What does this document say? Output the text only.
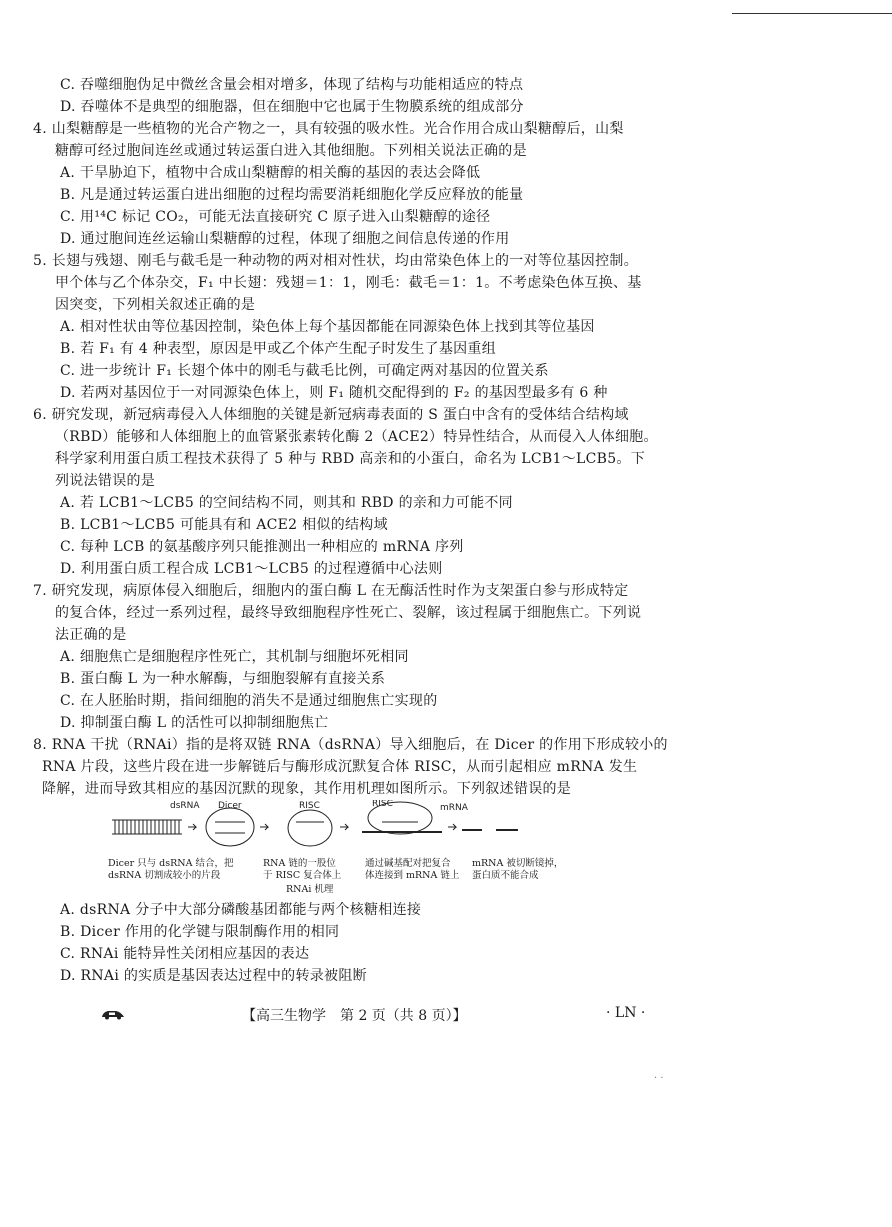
C. 吞噬细胞伪足中微丝含量会相对增多，体现了结构与功能相适应的特点
D. 吞噬体不是典型的细胞器，但在细胞中它也属于生物膜系统的组成部分
4. 山梨糖醇是一些植物的光合产物之一，具有较强的吸水性。光合作用合成山梨糖醇后，山梨
糖醇可经过胞间连丝或通过转运蛋白进入其他细胞。下列相关说法正确的是
A. 干旱胁迫下，植物中合成山梨糖醇的相关酶的基因的表达会降低
B. 凡是通过转运蛋白进出细胞的过程均需要消耗细胞化学反应释放的能量
C. 用¹⁴C 标记 CO₂，可能无法直接研究 C 原子进入山梨糖醇的途径
D. 通过胞间连丝运输山梨糖醇的过程，体现了细胞之间信息传递的作用
5. 长翅与残翅、刚毛与截毛是一种动物的两对相对性状，均由常染色体上的一对等位基因控制。
甲个体与乙个体杂交，F₁ 中长翅：残翅＝1：1，刚毛：截毛＝1：1。不考虑染色体互换、基
因突变，下列相关叙述正确的是
A. 相对性状由等位基因控制，染色体上每个基因都能在同源染色体上找到其等位基因
B. 若 F₁ 有 4 种表型，原因是甲或乙个体产生配子时发生了基因重组
C. 进一步统计 F₁ 长翅个体中的刚毛与截毛比例，可确定两对基因的位置关系
D. 若两对基因位于一对同源染色体上，则 F₁ 随机交配得到的 F₂ 的基因型最多有 6 种
6. 研究发现，新冠病毒侵入人体细胞的关键是新冠病毒表面的 S 蛋白中含有的受体结合结构域
（RBD）能够和人体细胞上的血管紧张素转化酶 2（ACE2）特异性结合，从而侵入人体细胞。
科学家利用蛋白质工程技术获得了 5 种与 RBD 高亲和的小蛋白，命名为 LCB1～LCB5。下
列说法错误的是
A. 若 LCB1～LCB5 的空间结构不同，则其和 RBD 的亲和力可能不同
B. LCB1～LCB5 可能具有和 ACE2 相似的结构域
C. 每种 LCB 的氨基酸序列只能推测出一种相应的 mRNA 序列
D. 利用蛋白质工程合成 LCB1～LCB5 的过程遵循中心法则
7. 研究发现，病原体侵入细胞后，细胞内的蛋白酶 L 在无酶活性时作为支架蛋白参与形成特定
的复合体，经过一系列过程，最终导致细胞程序性死亡、裂解，该过程属于细胞焦亡。下列说
法正确的是
A. 细胞焦亡是细胞程序性死亡，其机制与细胞坏死相同
B. 蛋白酶 L 为一种水解酶，与细胞裂解有直接关系
C. 在人胚胎时期，指间细胞的消失不是通过细胞焦亡实现的
D. 抑制蛋白酶 L 的活性可以抑制细胞焦亡
8. RNA 干扰（RNAi）指的是将双链 RNA（dsRNA）导入细胞后，在 Dicer 的作用下形成较小的
RNA 片段，这些片段在进一步解链后与酶形成沉默复合体 RISC，从而引起相应 mRNA 发生
降解，进而导致其相应的基因沉默的现象，其作用机理如图所示。下列叙述错误的是
dsRNA Dicer	RISC	RISC	mRNA
Dicer 只与 dsRNA 结合，把
dsRNA 切割成较小的片段
RNA 链的一股位
于 RISC 复合体上
通过碱基配对把复合
体连接到 mRNA 链上
mRNA 被切断镜掉，
蛋白质不能合成
RNAi 机理
A. dsRNA 分子中大部分磷酸基团都能与两个核糖相连接
B. Dicer 作用的化学键与限制酶作用的相同
C. RNAi 能特异性关闭相应基因的表达
D. RNAi 的实质是基因表达过程中的转录被阻断
【高三生物学　第 2 页（共 8 页）】	· LN ·
· ·
